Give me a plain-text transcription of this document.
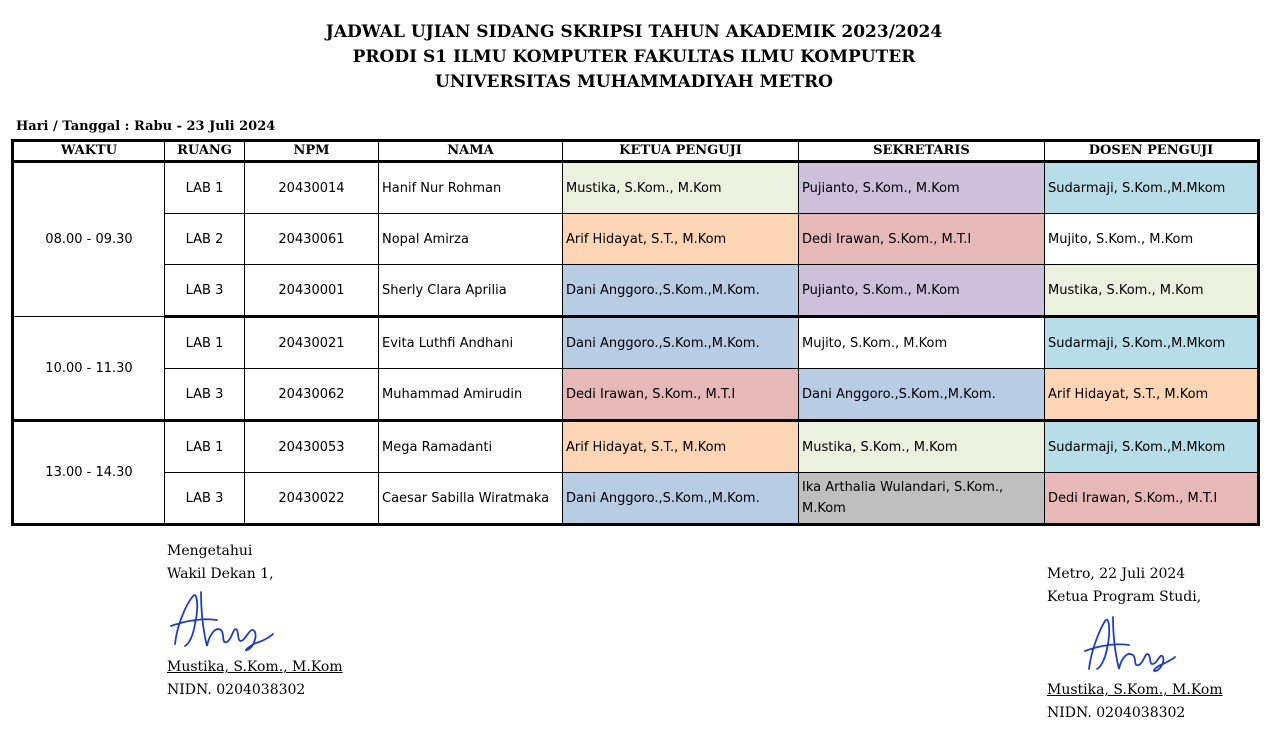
JADWAL UJIAN SIDANG SKRIPSI TAHUN AKADEMIK 2023/2024
PRODI S1 ILMU KOMPUTER FAKULTAS ILMU KOMPUTER
UNIVERSITAS MUHAMMADIYAH METRO
Hari / Tanggal : Rabu - 23 Juli 2024
WAKTU	RUANG	NPM	NAMA	KETUA PENGUJI	SEKRETARIS	DOSEN PENGUJI
08.00 - 09.30	LAB 1	20430014	Hanif Nur Rohman	Mustika, S.Kom., M.Kom	Pujianto, S.Kom., M.Kom	Sudarmaji, S.Kom.,M.Mkom
	LAB 2	20430061	Nopal Amirza	Arif Hidayat, S.T., M.Kom	Dedi Irawan, S.Kom., M.T.I	Mujito, S.Kom., M.Kom
	LAB 3	20430001	Sherly Clara Aprilia	Dani Anggoro.,S.Kom.,M.Kom.	Pujianto, S.Kom., M.Kom	Mustika, S.Kom., M.Kom
10.00 - 11.30	LAB 1	20430021	Evita Luthfi Andhani	Dani Anggoro.,S.Kom.,M.Kom.	Mujito, S.Kom., M.Kom	Sudarmaji, S.Kom.,M.Mkom
	LAB 3	20430062	Muhammad Amirudin	Dedi Irawan, S.Kom., M.T.I	Dani Anggoro.,S.Kom.,M.Kom.	Arif Hidayat, S.T., M.Kom
13.00 - 14.30	LAB 1	20430053	Mega Ramadanti	Arif Hidayat, S.T., M.Kom	Mustika, S.Kom., M.Kom	Sudarmaji, S.Kom.,M.Mkom
	LAB 3	20430022	Caesar Sabilla Wiratmaka	Dani Anggoro.,S.Kom.,M.Kom.	Ika Arthalia Wulandari, S.Kom., M.Kom	Dedi Irawan, S.Kom., M.T.I
Mengetahui
Wakil Dekan 1,
Mustika, S.Kom., M.Kom
NIDN. 0204038302
Metro, 22 Juli 2024
Ketua Program Studi,
Mustika, S.Kom., M.Kom
NIDN. 0204038302
